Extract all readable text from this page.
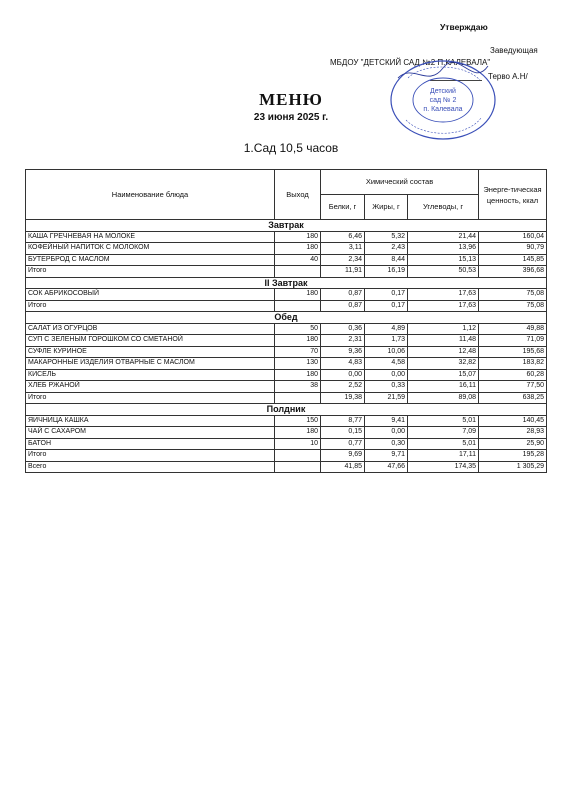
Утверждаю
Заведующая
МБДОУ "ДЕТСКИЙ САД №2 П.КАЛЕВАЛА"
Терво А.Н/
Детский
сад № 2
п. Калевала
МЕНЮ
23 июня 2025 г.
1.Сад 10,5 часов
Наименование блюда	Выход	Химический состав			Энерге-тическая ценность, ккал
		Белки, г	Жиры, г	Углеводы, г	
Завтрак					
КАША ГРЕЧНЕВАЯ НА МОЛОКЕ	180	6,46	5,32	21,44	160,04
КОФЕЙНЫЙ НАПИТОК С МОЛОКОМ	180	3,11	2,43	13,96	90,79
БУТЕРБРОД С МАСЛОМ	40	2,34	8,44	15,13	145,85
Итого		11,91	16,19	50,53	396,68
II Завтрак					
СОК АБРИКОСОВЫЙ	180	0,87	0,17	17,63	75,08
Итого		0,87	0,17	17,63	75,08
Обед					
САЛАТ ИЗ ОГУРЦОВ	50	0,36	4,89	1,12	49,88
СУП С ЗЕЛЕНЫМ ГОРОШКОМ СО СМЕТАНОЙ	180	2,31	1,73	11,48	71,09
СУФЛЕ КУРИНОЕ	70	9,36	10,06	12,48	195,68
МАКАРОННЫЕ ИЗДЕЛИЯ ОТВАРНЫЕ С МАСЛОМ	130	4,83	4,58	32,82	183,82
КИСЕЛЬ	180	0,00	0,00	15,07	60,28
ХЛЕБ РЖАНОЙ	38	2,52	0,33	16,11	77,50
Итого		19,38	21,59	89,08	638,25
Полдник					
ЯИЧНИЦА КАШКА	150	8,77	9,41	5,01	140,45
ЧАЙ С САХАРОМ	180	0,15	0,00	7,09	28,93
БАТОН	10	0,77	0,30	5,01	25,90
Итого		9,69	9,71	17,11	195,28
Всего		41,85	47,66	174,35	1 305,29
